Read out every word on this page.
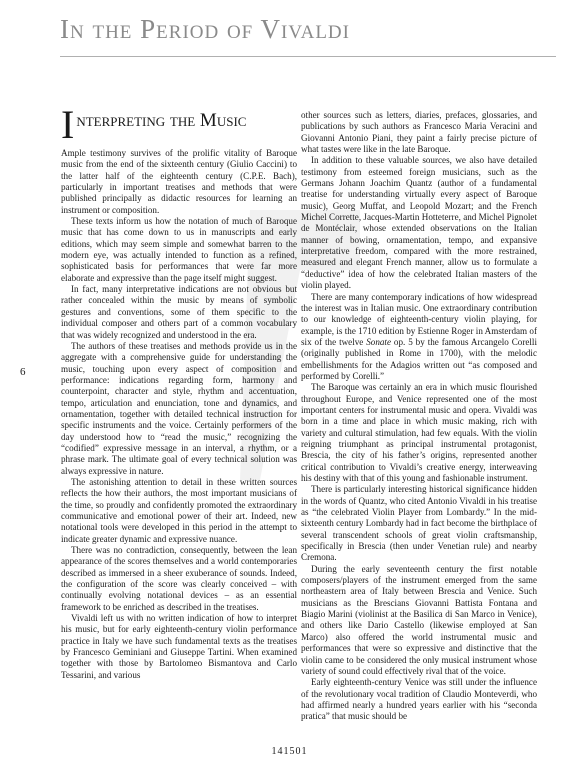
In the Period of Vivaldi
6
Interpreting the Music

Ample testimony survives of the prolific vitality of Baroque music from the end of the sixteenth century (Giulio Caccini) to the latter half of the eighteenth century (C.P.E. Bach), particularly in important treatises and methods that were published principally as didactic resources for learning an instrument or composition.

These texts inform us how the notation of much of Baroque music that has come down to us in manuscripts and early editions, which may seem simple and somewhat barren to the modern eye, was actually intended to function as a refined, sophisticated basis for performances that were far more elaborate and expressive than the page itself might suggest.

In fact, many interpretative indications are not obvious but rather concealed within the music by means of symbolic gestures and conventions, some of them specific to the individual composer and others part of a common vocabulary that was widely recognized and understood in the era.

The authors of these treatises and methods provide us in the aggregate with a comprehensive guide for understanding the music, touching upon every aspect of composition and performance: indications regarding form, harmony and counterpoint, character and style, rhythm and accentuation, tempo, articulation and enunciation, tone and dynamics, and ornamentation, together with detailed technical instruction for specific instruments and the voice. Certainly performers of the day understood how to “read the music,” recognizing the “codified” expressive message in an interval, a rhythm, or a phrase mark. The ultimate goal of every technical solution was always expressive in nature.

The astonishing attention to detail in these written sources reflects the how their authors, the most important musicians of the time, so proudly and confidently promoted the extraordinary communicative and emotional power of their art. Indeed, new notational tools were developed in this period in the attempt to indicate greater dynamic and expressive nuance.

There was no contradiction, consequently, between the lean appearance of the scores themselves and a world contemporaries described as immersed in a sheer exuberance of sounds. Indeed, the configuration of the score was clearly conceived – with continually evolving notational devices – as an essential framework to be enriched as described in the treatises.

Vivaldi left us with no written indication of how to interpret his music, but for early eighteenth-century violin performance practice in Italy we have such fundamental texts as the treatises by Francesco Geminiani and Giuseppe Tartini. When examined together with those by Bartolomeo Bismantova and Carlo Tessarini, and various

other sources such as letters, diaries, prefaces, glossaries, and publications by such authors as Francesco Maria Veracini and Giovanni Antonio Piani, they paint a fairly precise picture of what tastes were like in the late Baroque.

In addition to these valuable sources, we also have detailed testimony from esteemed foreign musicians, such as the Germans Johann Joachim Quantz (author of a fundamental treatise for understanding virtually every aspect of Baroque music), Georg Muffat, and Leopold Mozart; and the French Michel Corrette, Jacques-Martin Hotteterre, and Michel Pignolet de Montéclair, whose extended observations on the Italian manner of bowing, ornamentation, tempo, and expansive interpretative freedom, compared with the more restrained, measured and elegant French manner, allow us to formulate a “deductive” idea of how the celebrated Italian masters of the violin played.

There are many contemporary indications of how widespread the interest was in Italian music. One extraordinary contribution to our knowledge of eighteenth-century violin playing, for example, is the 1710 edition by Estienne Roger in Amsterdam of six of the twelve Sonate op. 5 by the famous Arcangelo Corelli (originally published in Rome in 1700), with the melodic embellishments for the Adagios written out “as composed and performed by Corelli.”

The Baroque was certainly an era in which music flourished throughout Europe, and Venice represented one of the most important centers for instrumental music and opera. Vivaldi was born in a time and place in which music making, rich with variety and cultural stimulation, had few equals. With the violin reigning triumphant as principal instrumental protagonist, Brescia, the city of his father’s origins, represented another critical contribution to Vivaldi’s creative energy, interweaving his destiny with that of this young and fashionable instrument.

There is particularly interesting historical significance hidden in the words of Quantz, who cited Antonio Vivaldi in his treatise as “the celebrated Violin Player from Lombardy.” In the mid-sixteenth century Lombardy had in fact become the birthplace of several transcendent schools of great violin craftsmanship, specifically in Brescia (then under Venetian rule) and nearby Cremona.

During the early seventeenth century the first notable composers/players of the instrument emerged from the same northeastern area of Italy between Brescia and Venice. Such musicians as the Brescians Giovanni Battista Fontana and Biagio Marini (violinist at the Basilica di San Marco in Venice), and others like Dario Castello (likewise employed at San Marco) also offered the world instrumental music and performances that were so expressive and distinctive that the violin came to be considered the only musical instrument whose variety of sound could effectively rival that of the voice.

Early eighteenth-century Venice was still under the influence of the revolutionary vocal tradition of Claudio Monteverdi, who had affirmed nearly a hundred years earlier with his “seconda pratica” that music should be

141501
